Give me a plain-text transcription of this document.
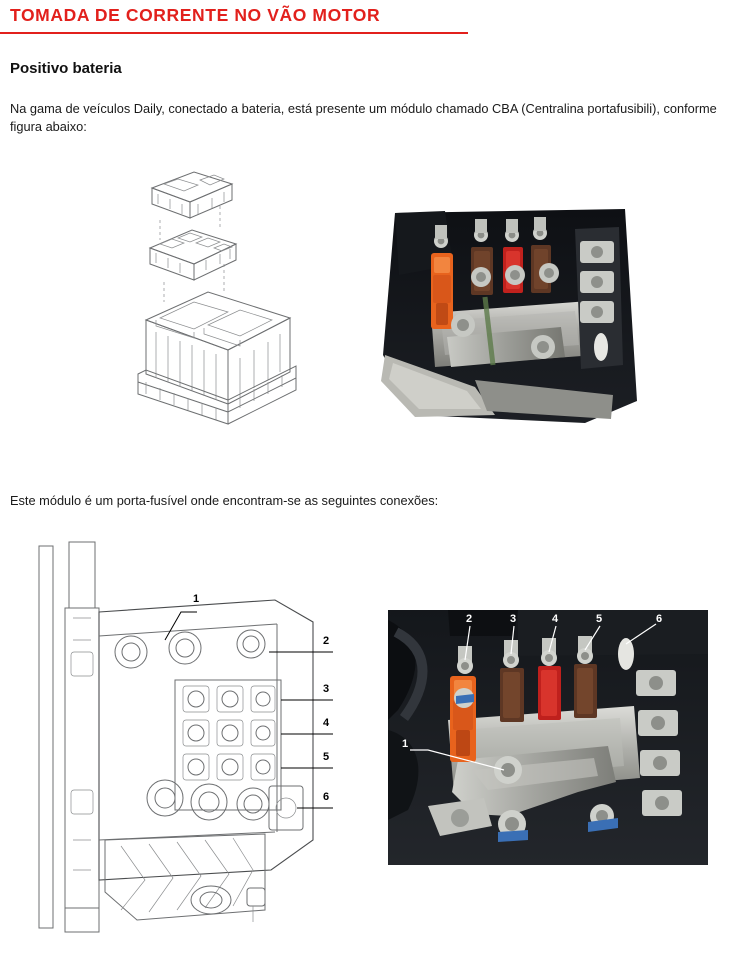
TOMADA DE CORRENTE NO VÃO MOTOR
Positivo bateria
Na gama de veículos Daily, conectado a bateria, está presente um módulo chamado CBA (Centralina portafusibili), conforme figura abaixo:
Este módulo é um porta-fusível onde encontram-se as seguintes conexões:
1
2
3
4
5
6
1
2	3	4	5	6
